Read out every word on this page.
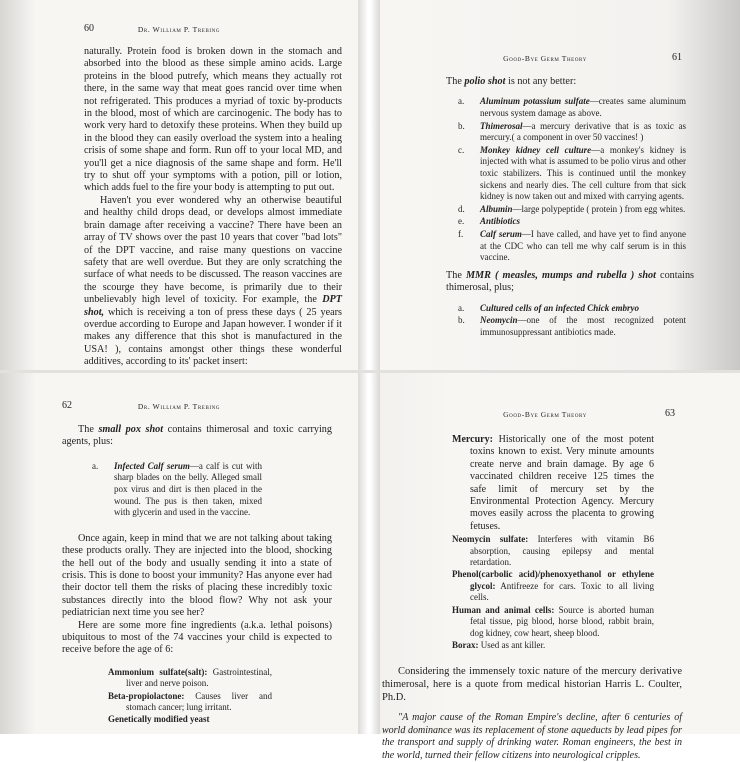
60	Dr. William P. Trebing

naturally. Protein food is broken down in the stomach and absorbed into the blood as these simple amino acids. Large proteins in the blood putrefy, which means they actually rot there, in the same way that meat goes rancid over time when not refrigerated. This produces a myriad of toxic by-products in the blood, most of which are carcinogenic. The body has to work very hard to detoxify these proteins. When they build up in the blood they can easily overload the system into a healing crisis of some shape and form. Run off to your local MD, and you'll get a nice diagnosis of the same shape and form. He'll try to shut off your symptoms with a potion, pill or lotion, which adds fuel to the fire your body is attempting to put out.

Haven't you ever wondered why an otherwise beautiful and healthy child drops dead, or develops almost immediate brain damage after receiving a vaccine? There have been an array of TV shows over the past 10 years that cover "bad lots" of the DPT vaccine, and raise many questions on vaccine safety that are well overdue. But they are only scratching the surface of what needs to be discussed. The reason vaccines are the scourge they have become, is primarily due to their unbelievably high level of toxicity. For example, the DPT shot, which is receiving a ton of press these days ( 25 years overdue according to Europe and Japan however. I wonder if it makes any difference that this shot is manufactured in the USA! ), contains amongst other things these wonderful additives, according to its' packet insert:

Good-Bye Germ Theory	61

The polio shot is not any better:

a. Aluminum potassium sulfate—creates same aluminum nervous system damage as above.
b. Thimerosal—a mercury derivative that is as toxic as mercury.( a component in over 50 vaccines! )
c. Monkey kidney cell culture—a monkey's kidney is injected with what is assumed to be polio virus and other toxic stabilizers. This is continued until the monkey sickens and nearly dies. The cell culture from that sick kidney is now taken out and mixed with carrying agents.
d. Albumin—large polypeptide ( protein ) from egg whites.
e. Antibiotics
f. Calf serum—I have called, and have yet to find anyone at the CDC who can tell me why calf serum is in this vaccine.

The MMR ( measles, mumps and rubella ) shot contains thimerosal, plus;

a. Cultured cells of an infected Chick embryo
b. Neomycin—one of the most recognized potent immunosuppressant antibiotics made.
62	Dr. William P. Trebing

The small pox shot contains thimerosal and toxic carrying agents, plus:

a. Infected Calf serum—a calf is cut with sharp blades on the belly. Alleged small pox virus and dirt is then placed in the wound. The pus is then taken, mixed with glycerin and used in the vaccine.

Once again, keep in mind that we are not talking about taking these products orally. They are injected into the blood, shocking the hell out of the body and usually sending it into a state of crisis. This is done to boost your immunity? Has anyone ever had their doctor tell them the risks of placing these incredibly toxic substances directly into the blood flow? Why not ask your pediatrician next time you see her?

Here are some more fine ingredients (a.k.a. lethal poisons) ubiquitous to most of the 74 vaccines your child is expected to receive before the age of 6:

Ammonium sulfate(salt): Gastrointestinal, liver and nerve poison.
Beta-propiolactone: Causes liver and stomach cancer; lung irritant.
Genetically modified yeast
Good-Bye Germ Theory	63
Mercury: Historically one of the most potent toxins known to exist. Very minute amounts create nerve and brain damage. By age 6 vaccinated children receive 125 times the safe limit of mercury set by the Environmental Protection Agency. Mercury moves easily across the placenta to growing fetuses.
Neomycin sulfate: Interferes with vitamin B6 absorption, causing epilepsy and mental retardation.
Phenol(carbolic acid)/phenoxyethanol or ethylene glycol: Antifreeze for cars. Toxic to all living cells.
Human and animal cells: Source is aborted human fetal tissue, pig blood, horse blood, rabbit brain, dog kidney, cow heart, sheep blood.
Borax: Used as ant killer.

Considering the immensely toxic nature of the mercury derivative thimerosal, here is a quote from medical historian Harris L. Coulter, Ph.D.

"A major cause of the Roman Empire's decline, after 6 centuries of world dominance was its replacement of stone aqueducts by lead pipes for the transport and supply of drinking water. Roman engineers, the best in the world, turned their fellow citizens into neurological cripples.
